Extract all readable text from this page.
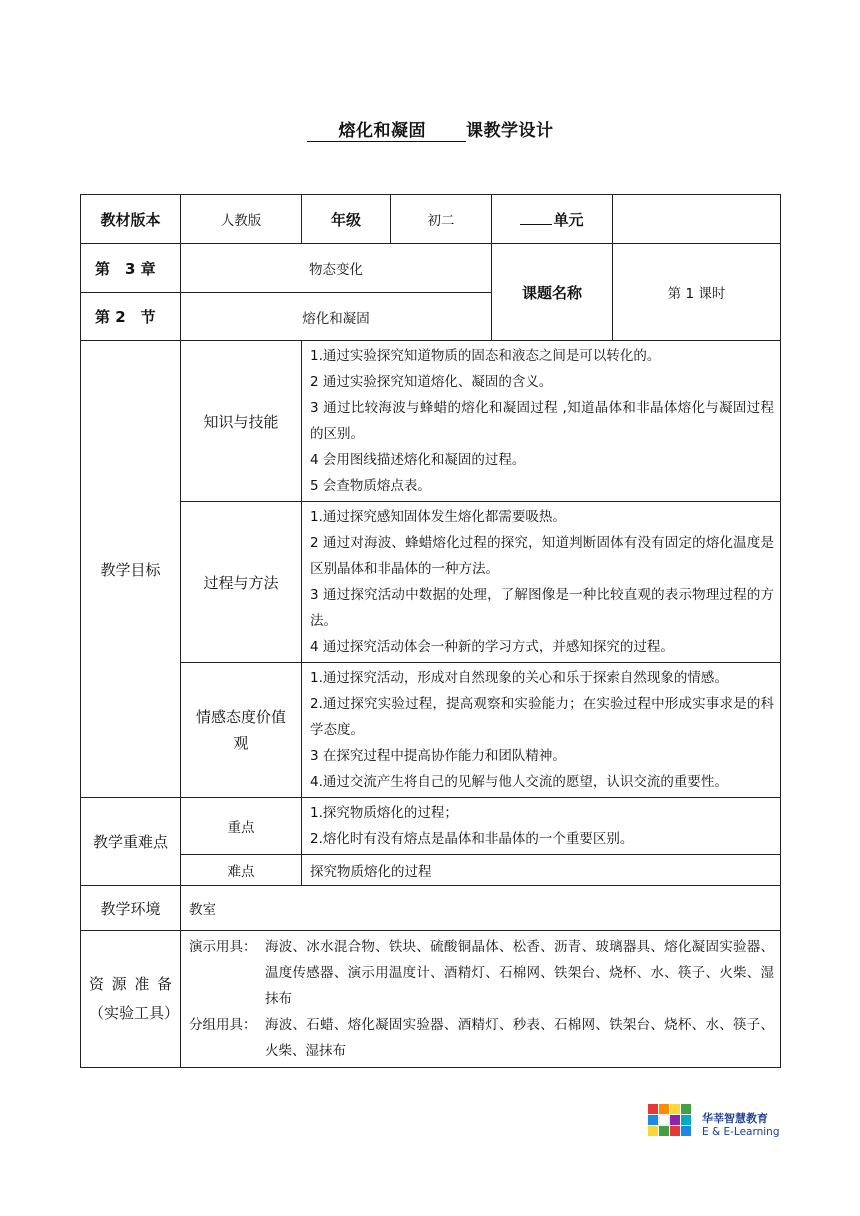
熔化和凝固 课教学设计
教材版本	人教版	年级	初二	单元	
第　3 章	物态变化			课题名称	第 1 课时
第 2　节	熔化和凝固				
教学目标	知识与技能	1.通过实验探究知道物质的固态和液态之间是可以转化的。
2 通过实验探究知道熔化、凝固的含义。
3 通过比较海波与蜂蜡的熔化和凝固过程 ,知道晶体和非晶体熔化与凝固过程的区别。
4 会用图线描述熔化和凝固的过程。
5 会查物质熔点表。			

	过程与方法	1.通过探究感知固体发生熔化都需要吸热。
2 通过对海波、蜂蜡熔化过程的探究，知道判断固体有没有固定的熔化温度是区别晶体和非晶体的一种方法。
3 通过探究活动中数据的处理，了解图像是一种比较直观的表示物理过程的方法。
4 通过探究活动体会一种新的学习方式，并感知探究的过程。			

	情感态度价值观	1.通过探究活动，形成对自然现象的关心和乐于探索自然现象的情感。
2.通过探究实验过程，提高观察和实验能力；在实验过程中形成实事求是的科学态度。
3 在探究过程中提高协作能力和团队精神。
4.通过交流产生将自己的见解与他人交流的愿望，认识交流的重要性。			

教学重难点	重点	1.探究物质熔化的过程；
2.熔化时有没有熔点是晶体和非晶体的一个重要区别。			

	难点	探究物质熔化的过程			
教学环境	教室				
资源准备（实验工具）	演示用具： 海波、冰水混合物、铁块、硫酸铜晶体、松香、沥青、玻璃器具、熔化凝固实验器、温度传感器、演示用温度计、酒精灯、石棉网、铁架台、烧杯、水、筷子、火柴、湿抹布
分组用具： 海波、石蜡、熔化凝固实验器、酒精灯、秒表、石棉网、铁架台、烧杯、水、筷子、火柴、湿抹布				
华莘智慧教育
E & E-Learning
